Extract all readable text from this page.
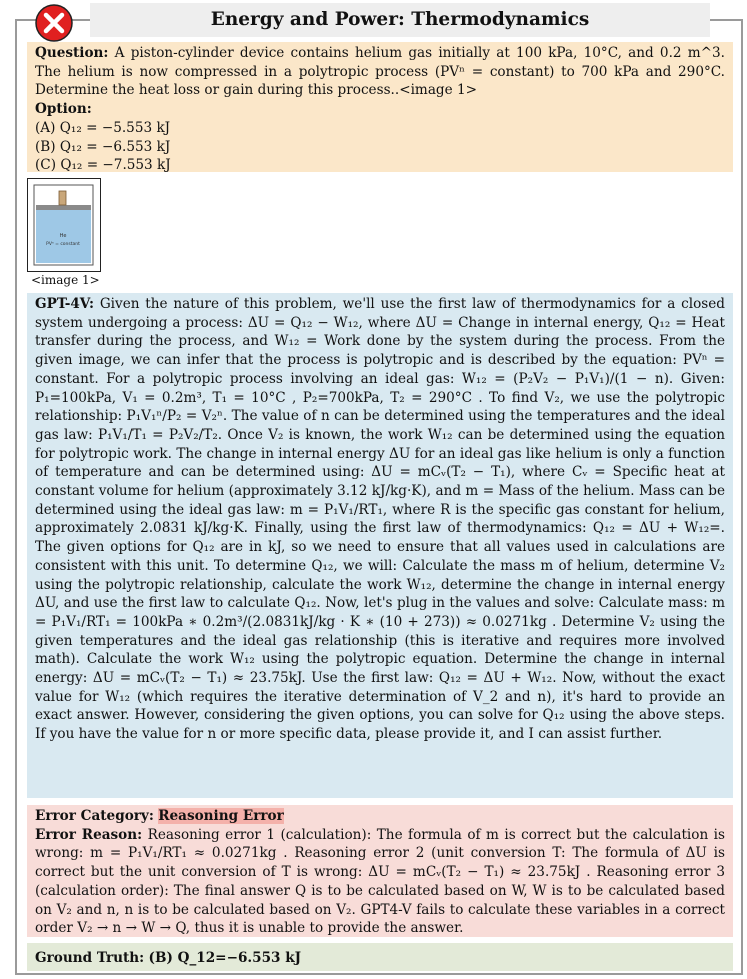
Energy and Power: Thermodynamics
Question: A piston-cylinder device contains helium gas initially at 100 kPa, 10°C, and 0.2 m^3. The helium is now compressed in a polytropic process (PVⁿ = constant) to 700 kPa and 290°C. Determine the heat loss or gain during this process..<image 1>
Option:

(A) Q₁₂ = −5.553 kJ

(B) Q₁₂ = −6.553 kJ

(C) Q₁₂ = −7.553 kJ

He
PVⁿ = constant
<image 1>
GPT-4V: Given the nature of this problem, we'll use the first law of thermodynamics for a closed system undergoing a process: ΔU = Q₁₂ − W₁₂, where ΔU = Change in internal energy, Q₁₂ = Heat transfer during the process, and W₁₂ = Work done by the system during the process. From the given image, we can infer that the process is polytropic and is described by the equation: PVⁿ = constant. For a polytropic process involving an ideal gas: W₁₂ = (P₂V₂ − P₁V₁)/(1 − n). Given: P₁=100kPa, V₁ = 0.2m³, T₁ = 10°C , P₂=700kPa, T₂ = 290°C . To find V₂, we use the polytropic relationship: P₁V₁ⁿ/P₂ = V₂ⁿ. The value of n can be determined using the temperatures and the ideal gas law: P₁V₁/T₁ = P₂V₂/T₂. Once V₂ is known, the work W₁₂ can be determined using the equation for polytropic work. The change in internal energy ΔU for an ideal gas like helium is only a function of temperature and can be determined using: ΔU = mCᵥ(T₂ − T₁), where Cᵥ = Specific heat at constant volume for helium (approximately 3.12 kJ/kg·K), and m = Mass of the helium. Mass can be determined using the ideal gas law: m = P₁V₁/RT₁, where R is the specific gas constant for helium, approximately 2.0831 kJ/kg·K. Finally, using the first law of thermodynamics: Q₁₂ = ΔU + W₁₂=. The given options for Q₁₂ are in kJ, so we need to ensure that all values used in calculations are consistent with this unit. To determine Q₁₂, we will: Calculate the mass m of helium, determine V₂ using the polytropic relationship, calculate the work W₁₂, determine the change in internal energy ΔU, and use the first law to calculate Q₁₂. Now, let's plug in the values and solve: Calculate mass: m = P₁V₁/RT₁ = 100kPa ∗ 0.2m³/(2.0831kJ/kg · K ∗ (10 + 273)) ≈ 0.0271kg . Determine V₂ using the given temperatures and the ideal gas relationship (this is iterative and requires more involved math). Calculate the work W₁₂ using the polytropic equation. Determine the change in internal energy: ΔU = mCᵥ(T₂ − T₁) ≈ 23.75kJ. Use the first law: Q₁₂ = ΔU + W₁₂. Now, without the exact value for W₁₂ (which requires the iterative determination of V_2 and n), it's hard to provide an exact answer. However, considering the given options, you can solve for Q₁₂ using the above steps. If you have the value for n or more specific data, please provide it, and I can assist further.
Error Category: Reasoning Error
Error Reason: Reasoning error 1 (calculation): The formula of m is correct but the calculation is wrong: m = P₁V₁/RT₁ ≈ 0.0271kg . Reasoning error 2 (unit conversion T: The formula of ΔU is correct but the unit conversion of T is wrong: ΔU = mCᵥ(T₂ − T₁) ≈ 23.75kJ . Reasoning error 3 (calculation order): The final answer Q is to be calculated based on W, W is to be calculated based on V₂ and n, n is to be calculated based on V₂. GPT4-V fails to calculate these variables in a correct order V₂ → n → W → Q, thus it is unable to provide the answer.
Ground Truth: (B) Q_12=−6.553 kJ
